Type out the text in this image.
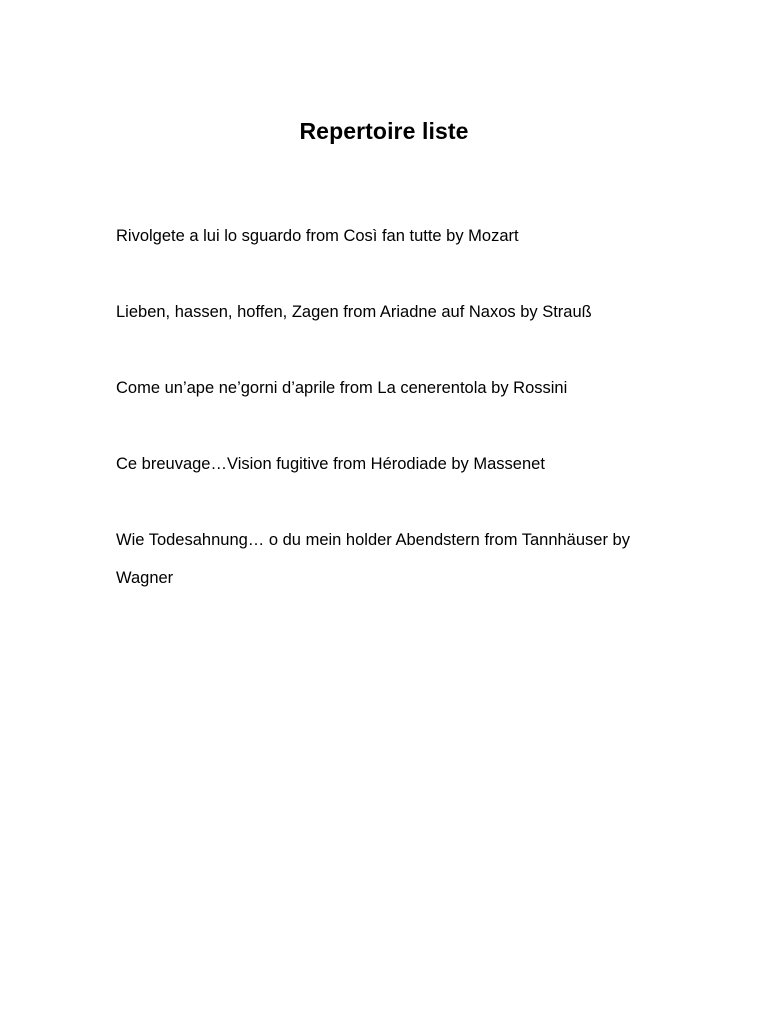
Repertoire liste
Rivolgete a lui lo sguardo from Così fan tutte by Mozart
Lieben, hassen, hoffen, Zagen from Ariadne auf Naxos by Strauß
Come un’ape ne’gorni d’aprile from La cenerentola by Rossini
Ce breuvage…Vision fugitive from Hérodiade by Massenet
Wie Todesahnung… o du mein holder Abendstern from Tannhäuser by Wagner
